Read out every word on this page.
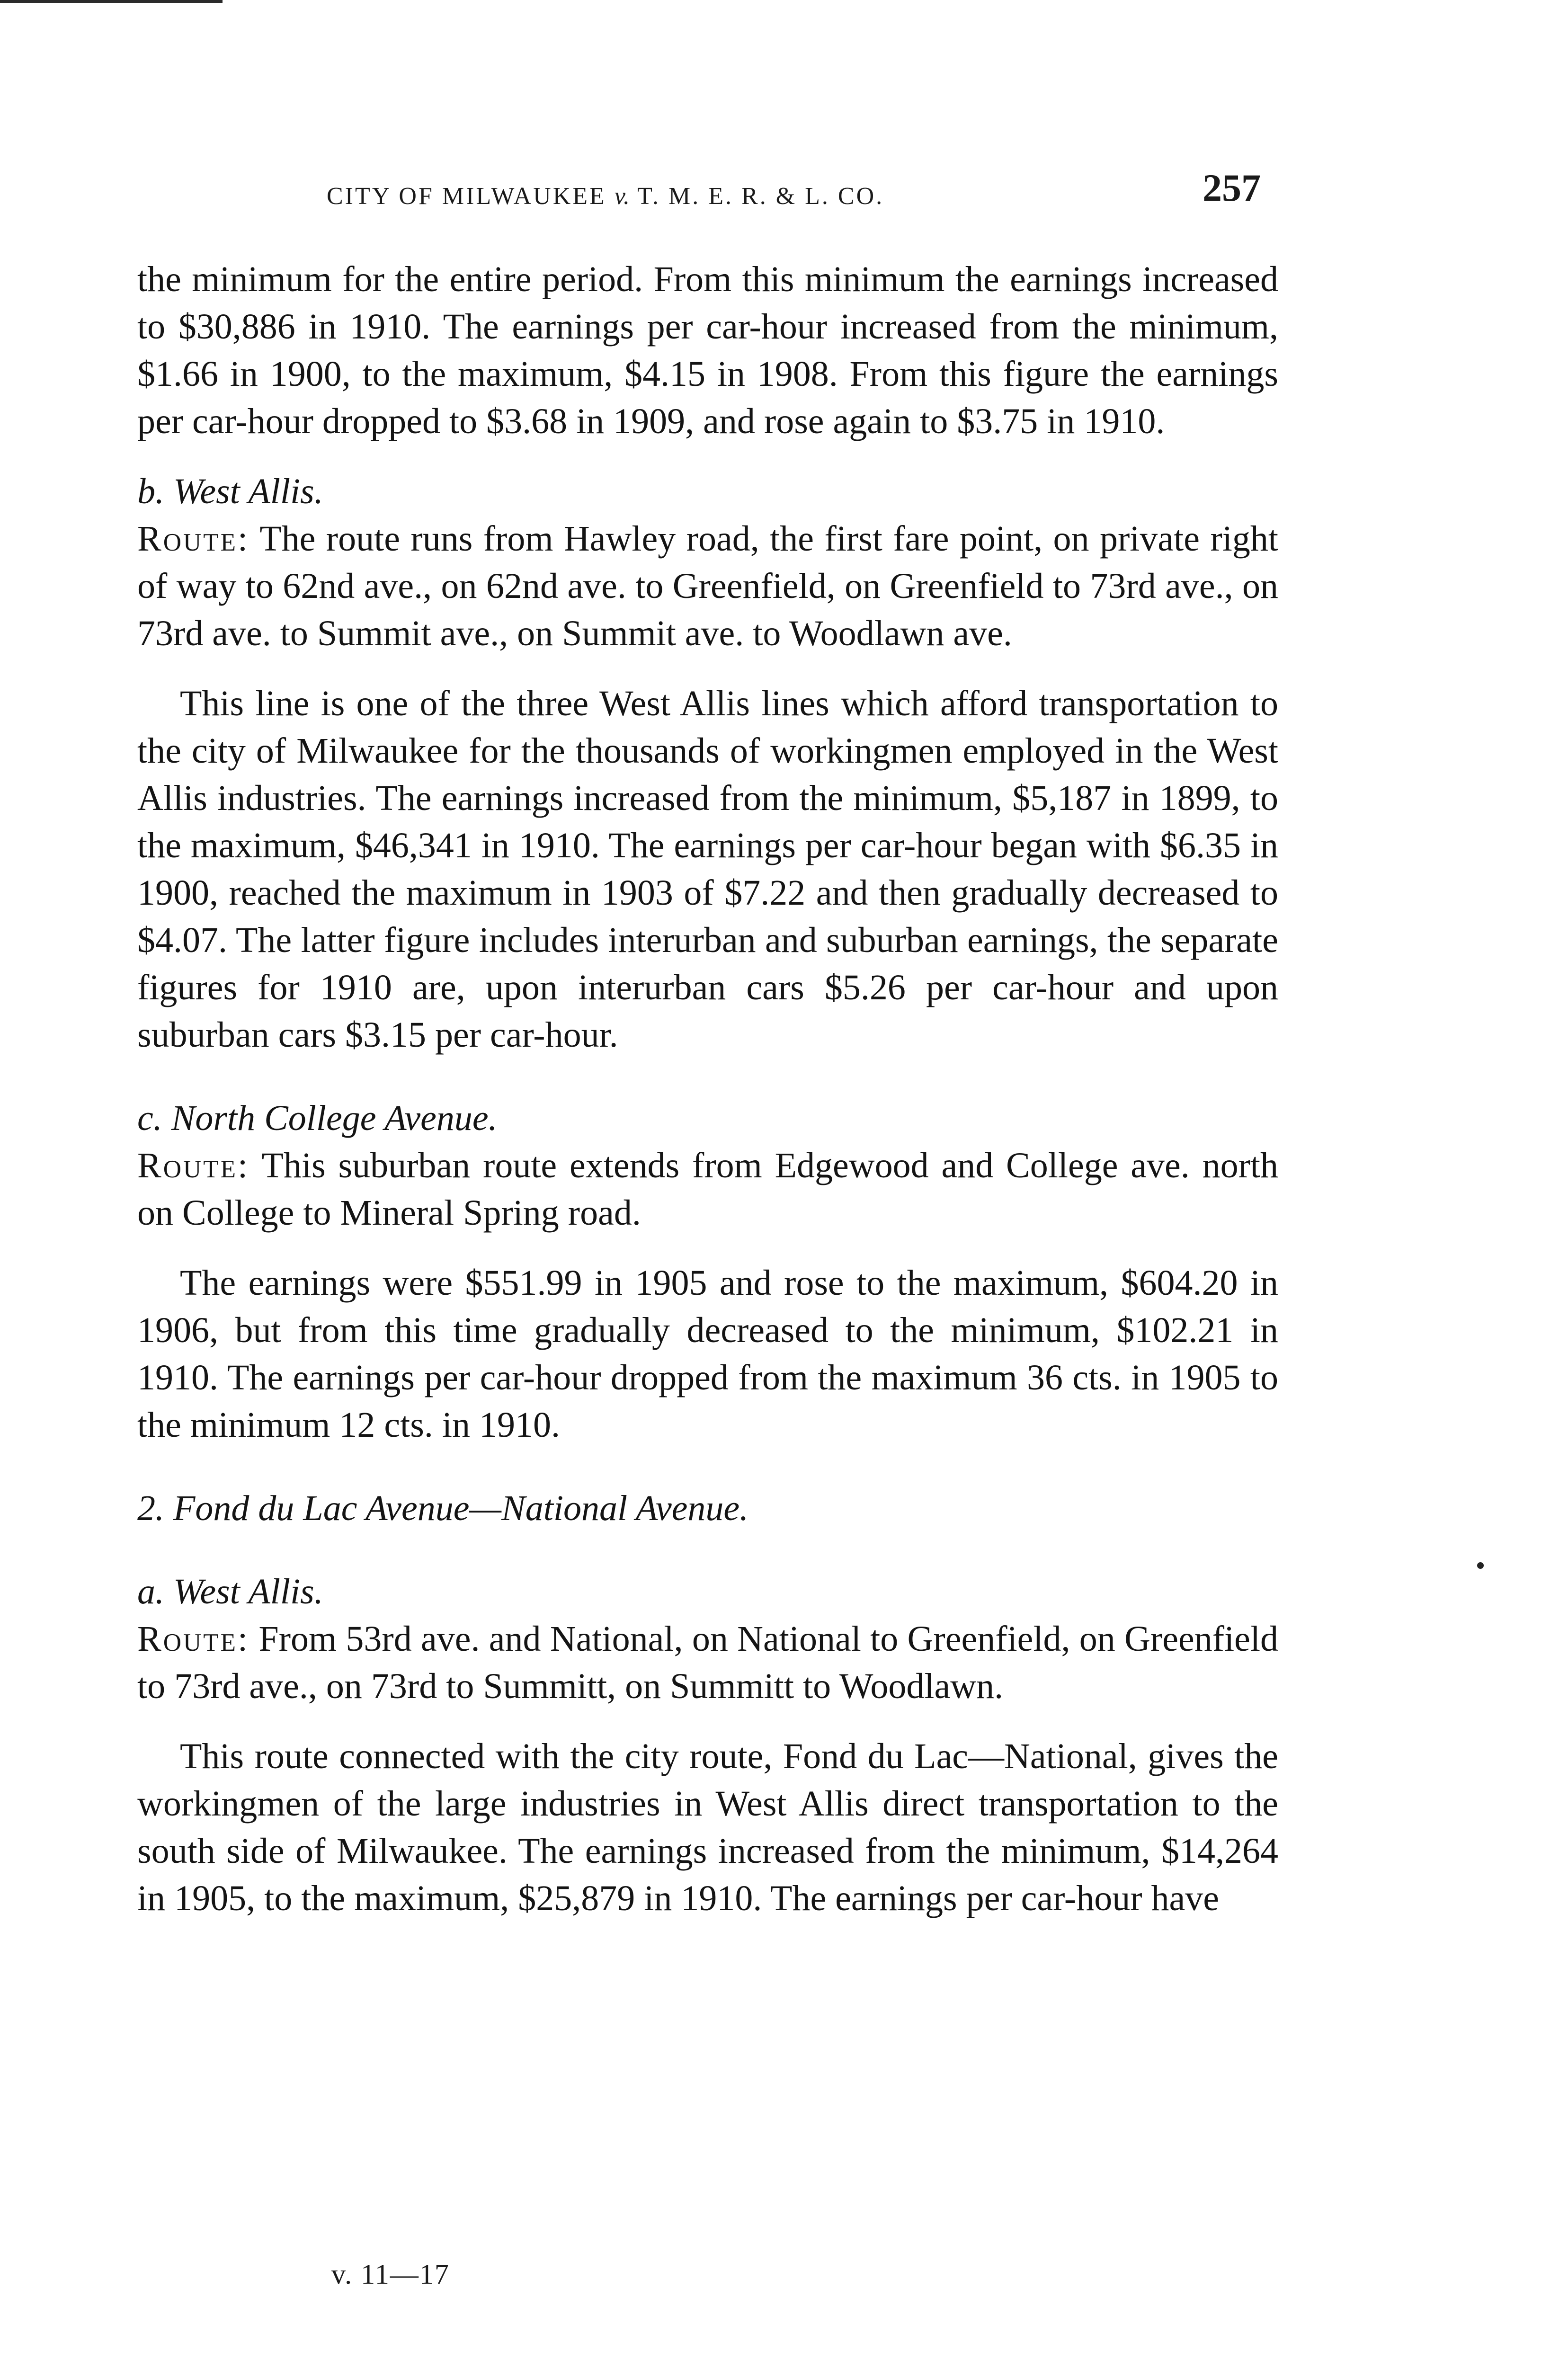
CITY OF MILWAUKEE v. T. M. E. R. & L. CO.	257

the minimum for the entire period. From this minimum the earnings increased to $30,886 in 1910. The earnings per car-hour increased from the minimum, $1.66 in 1900, to the maximum, $4.15 in 1908. From this figure the earnings per car-hour dropped to $3.68 in 1909, and rose again to $3.75 in 1910.

b. West Allis.

Route: The route runs from Hawley road, the first fare point, on private right of way to 62nd ave., on 62nd ave. to Greenfield, on Greenfield to 73rd ave., on 73rd ave. to Summit ave., on Summit ave. to Woodlawn ave.

This line is one of the three West Allis lines which afford transportation to the city of Milwaukee for the thousands of workingmen employed in the West Allis industries. The earnings increased from the minimum, $5,187 in 1899, to the maximum, $46,341 in 1910. The earnings per car-hour began with $6.35 in 1900, reached the maximum in 1903 of $7.22 and then gradually decreased to $4.07. The latter figure includes interurban and suburban earnings, the separate figures for 1910 are, upon interurban cars $5.26 per car-hour and upon suburban cars $3.15 per car-hour.

c. North College Avenue.

Route: This suburban route extends from Edgewood and College ave. north on College to Mineral Spring road.

The earnings were $551.99 in 1905 and rose to the maximum, $604.20 in 1906, but from this time gradually decreased to the minimum, $102.21 in 1910. The earnings per car-hour dropped from the maximum 36 cts. in 1905 to the minimum 12 cts. in 1910.

2. Fond du Lac Avenue—National Avenue.

a. West Allis.

Route: From 53rd ave. and National, on National to Greenfield, on Greenfield to 73rd ave., on 73rd to Summitt, on Summitt to Woodlawn.

This route connected with the city route, Fond du Lac—National, gives the workingmen of the large industries in West Allis direct transportation to the south side of Milwaukee. The earnings increased from the minimum, $14,264 in 1905, to the maximum, $25,879 in 1910. The earnings per car-hour have

v. 11—17
